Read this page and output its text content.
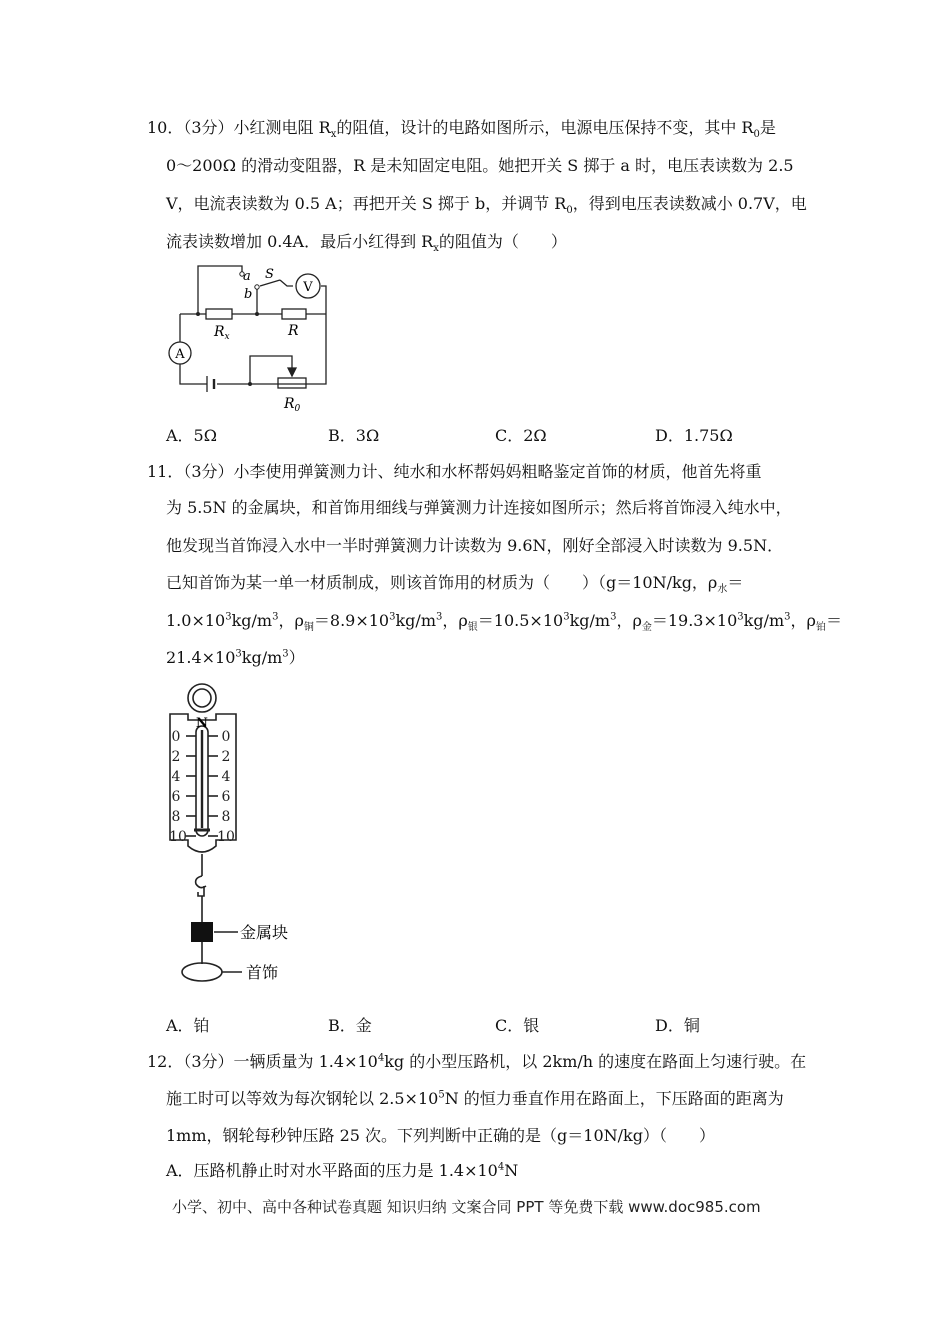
10．（3分）小红测电阻 $R_x$的阻值，设计的电路如图所示，电源电压保持不变，其中 $R_0$是
0～200Ω 的滑动变阻器，R 是未知固定电阻。她把开关 S 掷于 a 时，电压表读数为 2.5
V，电流表读数为 0.5 A；再把开关 S 掷于 b，并调节 $R_0$，得到电压表读数减小 0.7V，电
流表读数增加 0.4A．最后小红得到 $R_x$的阻值为（　　）
V
A
a
b
S
$R_x$	R
$R_0$
A．5Ω	B．3Ω	C．2Ω	D．1.75Ω
11．（3分）小李使用弹簧测力计、纯水和水杯帮妈妈粗略鉴定首饰的材质，他首先将重
为 5.5N 的金属块，和首饰用细线与弹簧测力计连接如图所示；然后将首饰浸入纯水中，
他发现当首饰浸入水中一半时弹簧测力计读数为 9.6N，刚好全部浸入时读数为 9.5N．
已知首饰为某一单一材质制成，则该首饰用的材质为（　　）（g＝10N/kg，$\rho_水=$
$1.0\times 10^3kg/m^3$，$\rho_铜=8.9\times 10^3kg/m^3$，$\rho_银=10.5\times 10^3kg/m^3$，$\rho_金=19.3\times 10^3kg/m^3$，$\rho_铂=$
$21.4\times 10^3kg/m^3$）
N
0
2
4
6
8
10
0
2
4
6
8
10
金属块
首饰
A．铂	B．金	C．银	D．铜
12．（3分）一辆质量为 $1.4\times 10^4kg$ 的小型压路机，以 2km/h 的速度在路面上匀速行驶。在
施工时可以等效为每次钢轮以 $2.5\times 10^5N$ 的恒力垂直作用在路面上，下压路面的距离为
1mm，钢轮每秒钟压路 25 次。下列判断中正确的是（g＝10N/kg）（　　）
A．压路机静止时对水平路面的压力是 $1.4\times 10^4N$
小学、初中、高中各种试卷真题 知识归纳 文案合同 PPT 等免费下载 www.doc985.com
